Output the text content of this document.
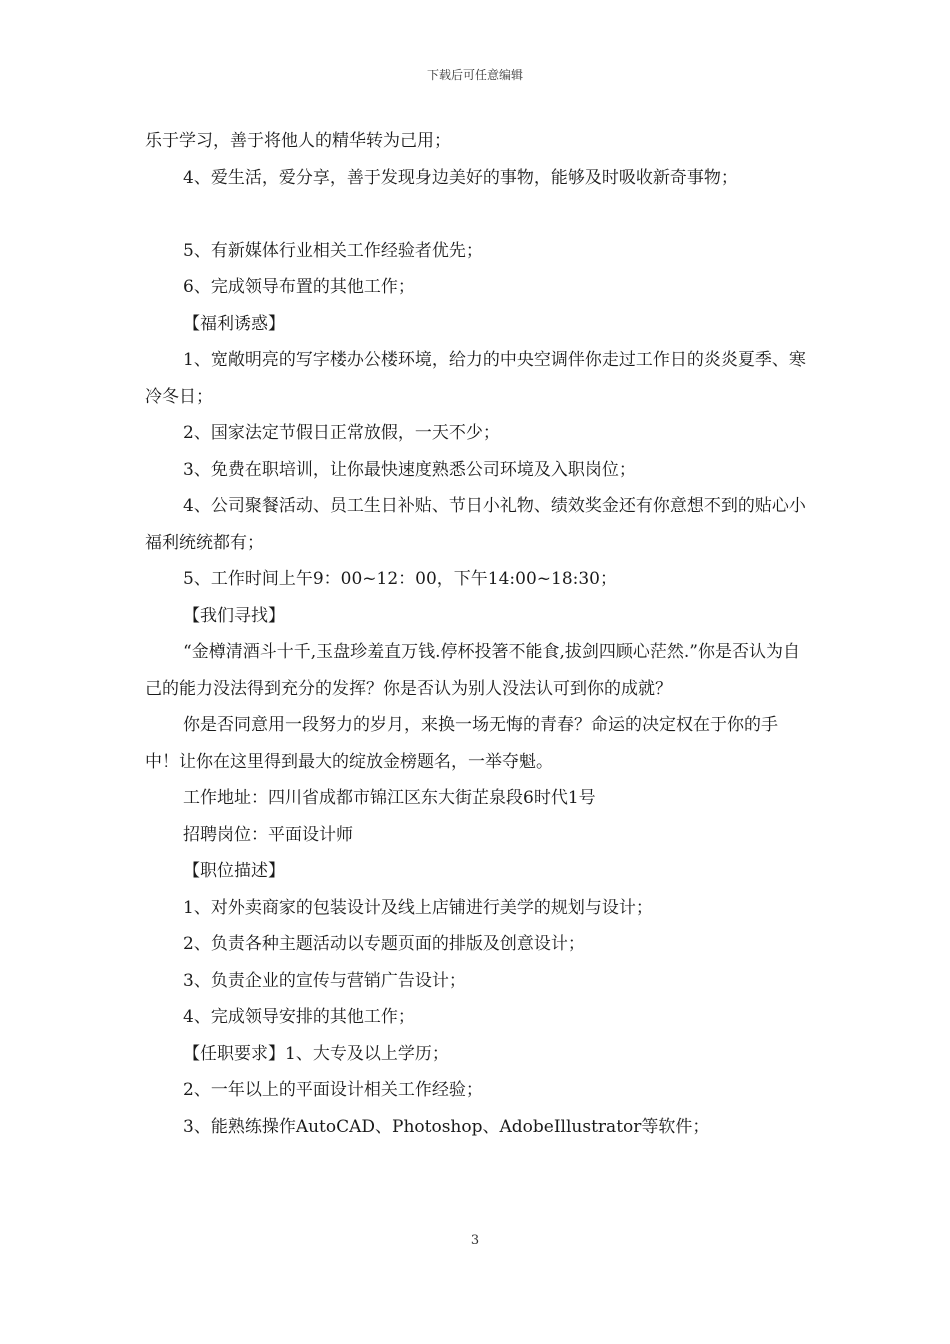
下载后可任意编辑

乐于学习，善于将他人的精华转为己用；

4、爱生活，爱分享，善于发现身边美好的事物，能够及时吸收新奇事物；

5、有新媒体行业相关工作经验者优先；

6、完成领导布置的其他工作；

【福利诱惑】

1、宽敞明亮的写字楼办公楼环境，给力的中央空调伴你走过工作日的炎炎夏季、寒冷冬日；

2、国家法定节假日正常放假，一天不少；

3、免费在职培训，让你最快速度熟悉公司环境及入职岗位；

4、公司聚餐活动、员工生日补贴、节日小礼物、绩效奖金还有你意想不到的贴心小福利统统都有；

5、工作时间上午9：00~12：00，下午14:00~18:30；

【我们寻找】

“金樽清酒斗十千,玉盘珍羞直万钱.停杯投箸不能食,拔剑四顾心茫然.”你是否认为自己的能力没法得到充分的发挥？你是否认为别人没法认可到你的成就？

你是否同意用一段努力的岁月，来换一场无悔的青春？命运的决定权在于你的手中！让你在这里得到最大的绽放金榜题名，一举夺魁。

工作地址：四川省成都市锦江区东大街芷泉段6时代1号

招聘岗位：平面设计师

【职位描述】

1、对外卖商家的包装设计及线上店铺进行美学的规划与设计；

2、负责各种主题活动以专题页面的排版及创意设计；

3、负责企业的宣传与营销广告设计；

4、完成领导安排的其他工作；

【任职要求】1、大专及以上学历；

2、一年以上的平面设计相关工作经验；

3、能熟练操作AutoCAD、Photoshop、AdobeIllustrator等软件；

3
